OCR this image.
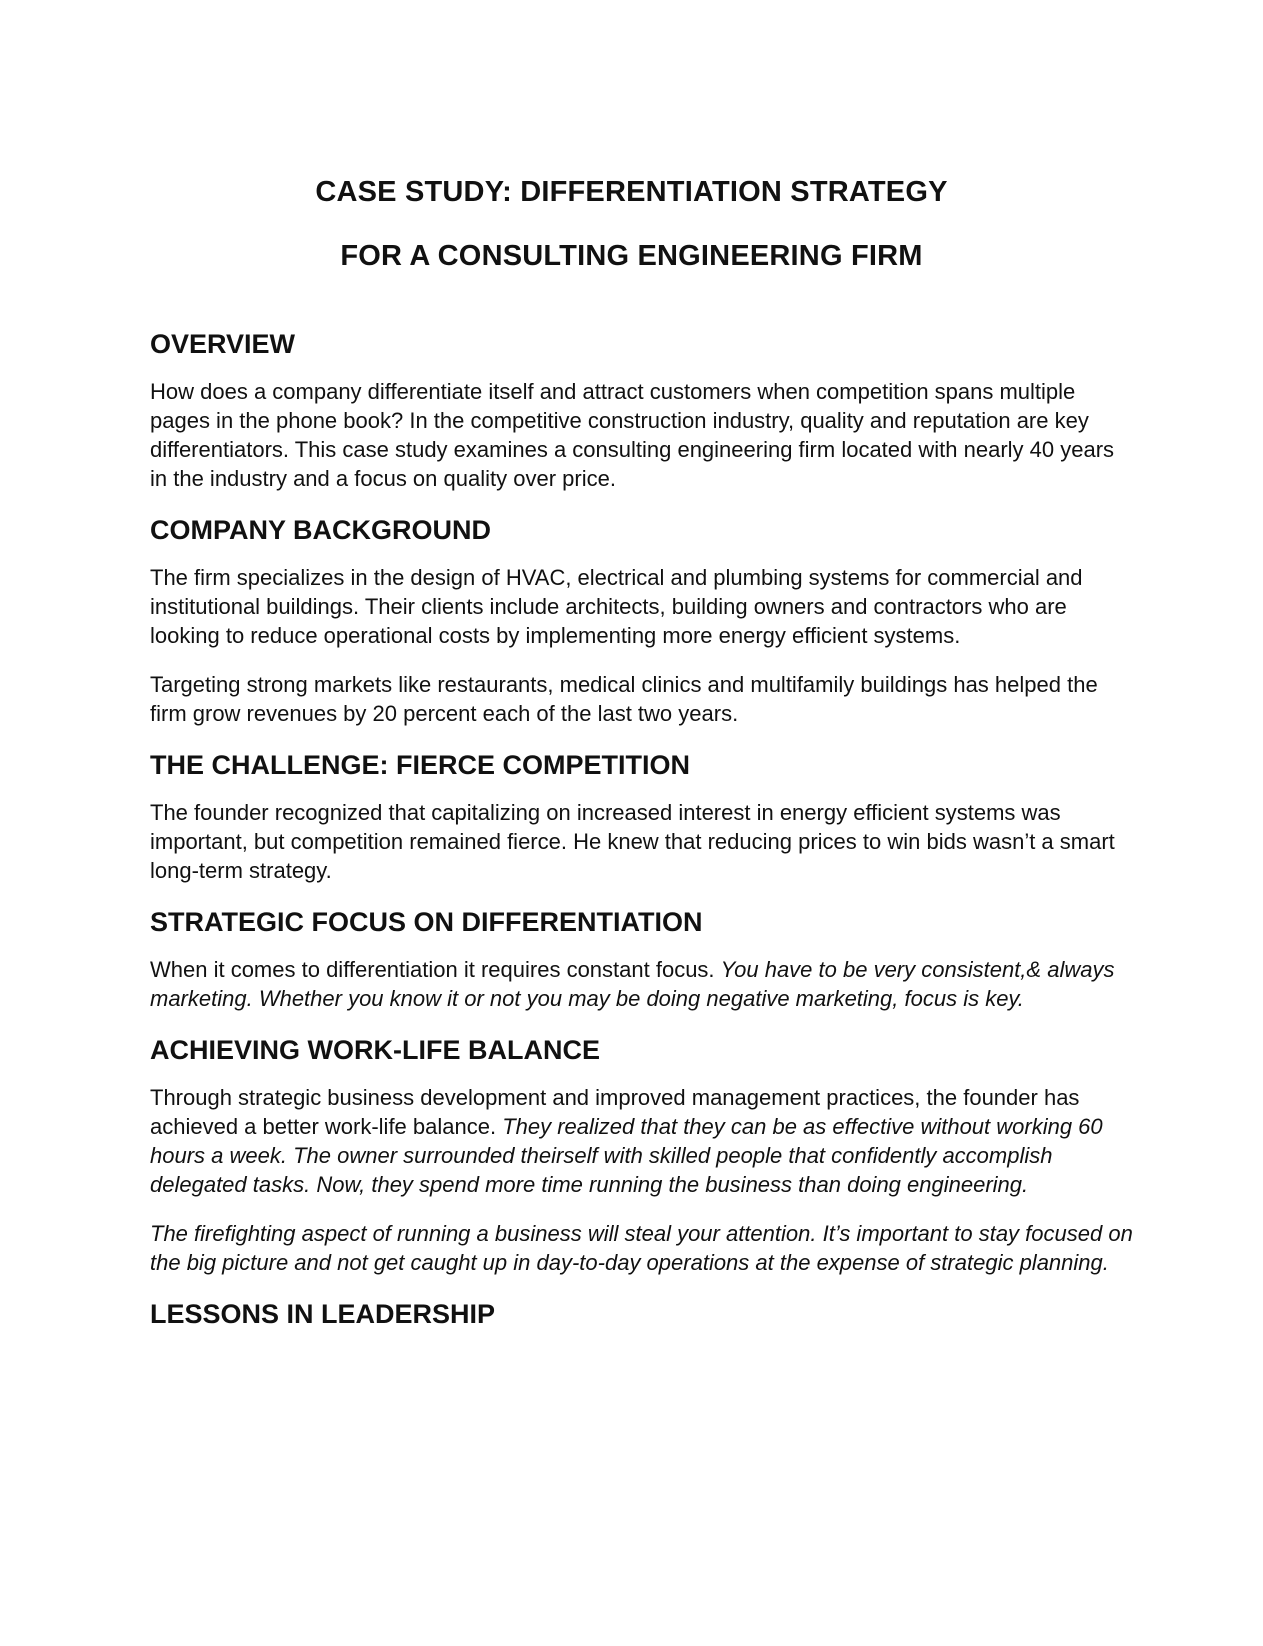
CASE STUDY: DIFFERENTIATION STRATEGY
FOR A CONSULTING ENGINEERING FIRM
OVERVIEW

How does a company differentiate itself and attract customers when competition spans multiple pages in the phone book? In the competitive construction industry, quality and reputation are key differentiators. This case study examines a consulting engineering firm located with nearly 40 years in the industry and a focus on quality over price.

COMPANY BACKGROUND

The firm specializes in the design of HVAC, electrical and plumbing systems for commercial and institutional buildings. Their clients include architects, building owners and contractors who are looking to reduce operational costs by implementing more energy efficient systems.

Targeting strong markets like restaurants, medical clinics and multifamily buildings has helped the firm grow revenues by 20 percent each of the last two years.

THE CHALLENGE: FIERCE COMPETITION

The founder recognized that capitalizing on increased interest in energy efficient systems was important, but competition remained fierce. He knew that reducing prices to win bids wasn’t a smart long-term strategy.

STRATEGIC FOCUS ON DIFFERENTIATION

When it comes to differentiation it requires constant focus. You have to be very consistent,& always marketing. Whether you know it or not you may be doing negative marketing, focus is key.

ACHIEVING WORK-LIFE BALANCE

Through strategic business development and improved management practices, the founder has achieved a better work-life balance. They realized that they can be as effective without working 60 hours a week. The owner surrounded theirself with skilled people that confidently accomplish delegated tasks. Now, they spend more time running the business than doing engineering.

The firefighting aspect of running a business will steal your attention. It’s important to stay focused on the big picture and not get caught up in day-to-day operations at the expense of strategic planning.

LESSONS IN LEADERSHIP
